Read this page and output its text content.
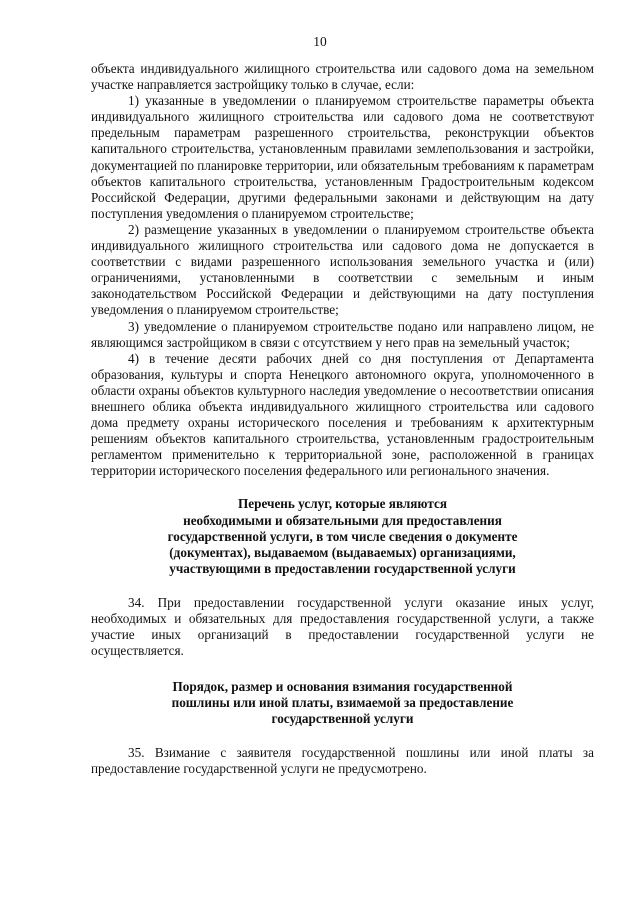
10

объекта индивидуального жилищного строительства или садового дома на земельном участке направляется застройщику только в случае, если:

1) указанные в уведомлении о планируемом строительстве параметры объекта индивидуального жилищного строительства или садового дома не соответствуют предельным параметрам разрешенного строительства, реконструкции объектов капитального строительства, установленным правилами землепользования и застройки, документацией по планировке территории, или обязательным требованиям к параметрам объектов капитального строительства, установленным Градостроительным кодексом Российской Федерации, другими федеральными законами и действующим на дату поступления уведомления о планируемом строительстве;

2) размещение указанных в уведомлении о планируемом строительстве объекта индивидуального жилищного строительства или садового дома не допускается в соответствии с видами разрешенного использования земельного участка и (или) ограничениями, установленными в соответствии с земельным и иным законодательством Российской Федерации и действующими на дату поступления уведомления о планируемом строительстве;

3) уведомление о планируемом строительстве подано или направлено лицом, не являющимся застройщиком в связи с отсутствием у него прав на земельный участок;

4) в течение десяти рабочих дней со дня поступления от Департамента образования, культуры и спорта Ненецкого автономного округа, уполномоченного в области охраны объектов культурного наследия уведомление о несоответствии описания внешнего облика объекта индивидуального жилищного строительства или садового дома предмету охраны исторического поселения и требованиям к архитектурным решениям объектов капитального строительства, установленным градостроительным регламентом применительно к территориальной зоне, расположенной в границах территории исторического поселения федерального или регионального значения.

Перечень услуг, которые являются
необходимыми и обязательными для предоставления
государственной услуги, в том числе сведения о документе
(документах), выдаваемом (выдаваемых) организациями,
участвующими в предоставлении государственной услуги

34. При предоставлении государственной услуги оказание иных услуг, необходимых и обязательных для предоставления государственной услуги, а также участие иных организаций в предоставлении государственной услуги не осуществляется.

Порядок, размер и основания взимания государственной
пошлины или иной платы, взимаемой за предоставление
государственной услуги

35. Взимание с заявителя государственной пошлины или иной платы за предоставление государственной услуги не предусмотрено.
